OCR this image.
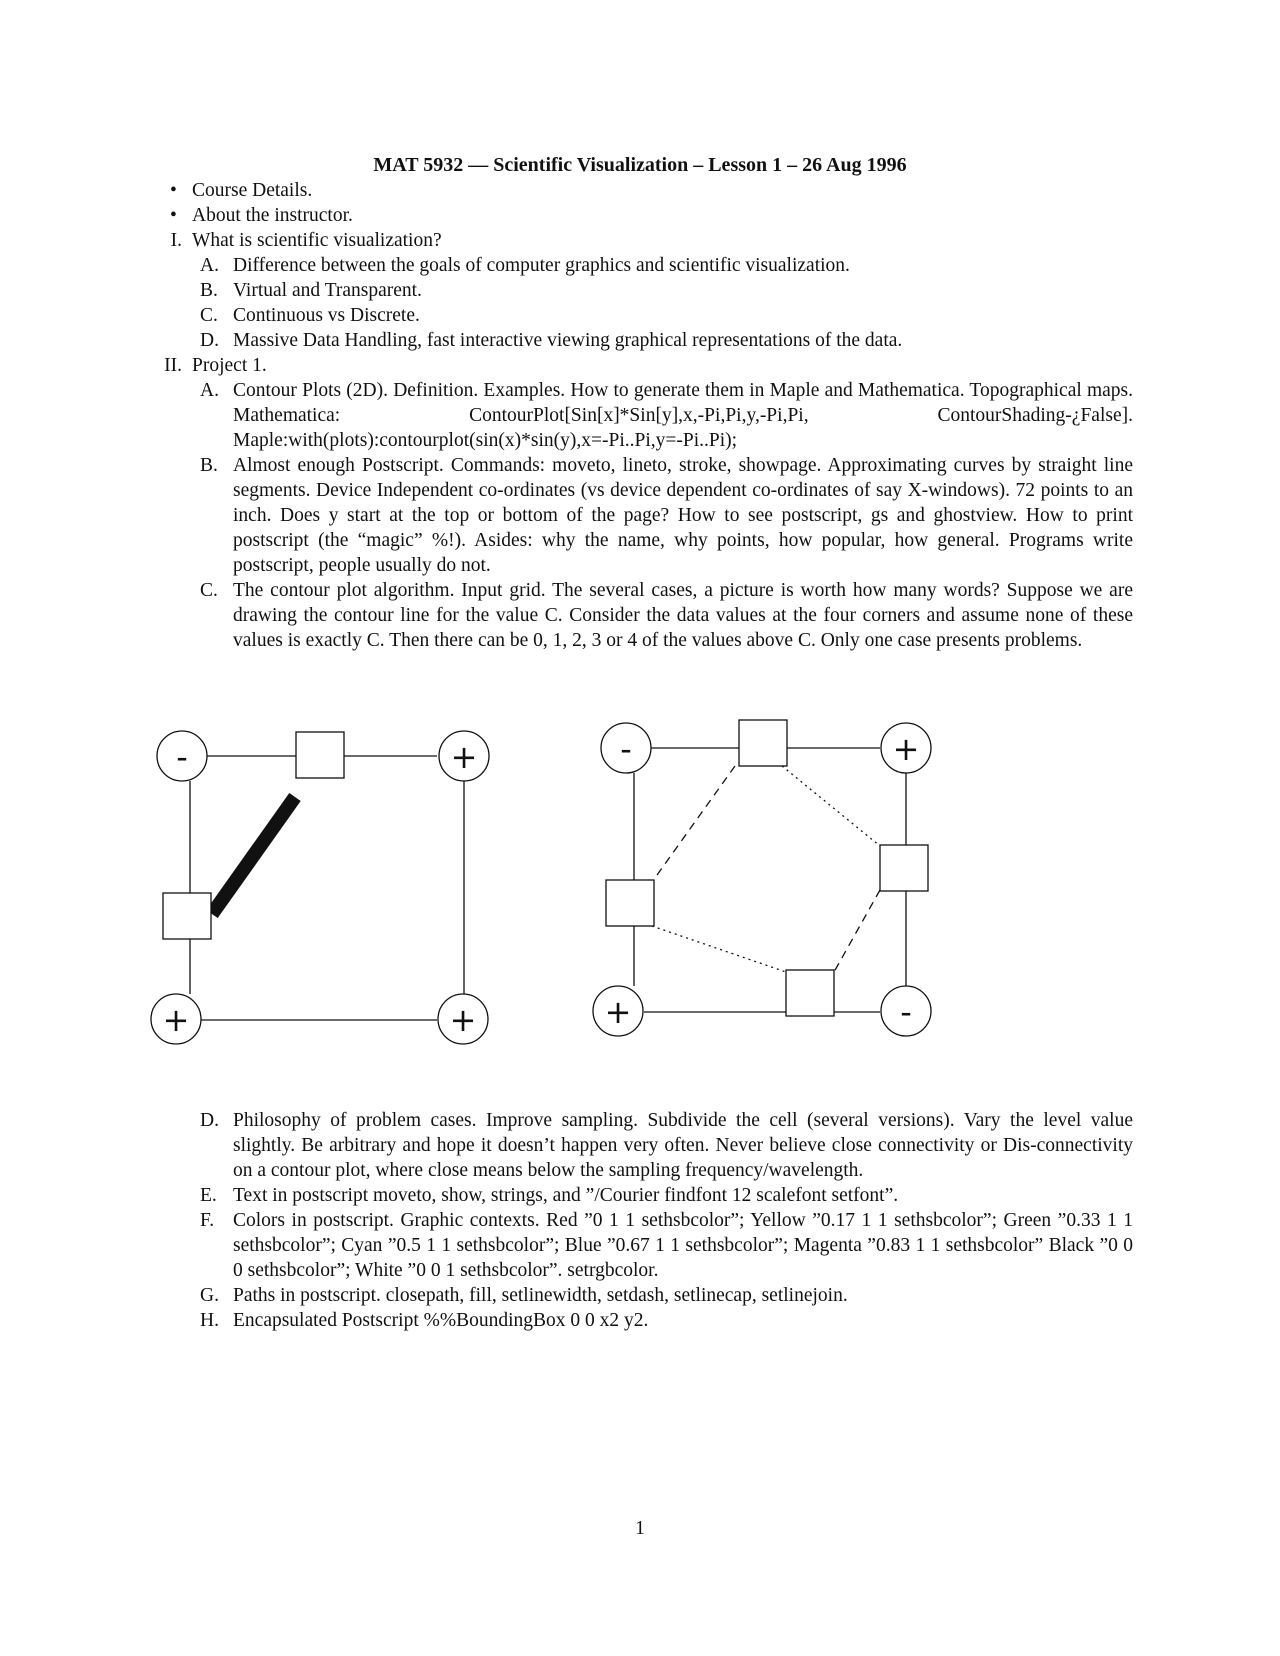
MAT 5932 — Scientific Visualization – Lesson 1 – 26 Aug 1996
• Course Details.
• About the instructor.
I. What is scientific visualization?
A. Difference between the goals of computer graphics and scientific visualization.
B. Virtual and Transparent.
C. Continuous vs Discrete.
D. Massive Data Handling, fast interactive viewing graphical representations of the data.
II. Project 1.
A. Contour Plots (2D). Definition. Examples. How to generate them in Maple and Mathematica. Topographical maps. Mathematica: ContourPlot[Sin[x]*Sin[y],x,-Pi,Pi,y,-Pi,Pi, ContourShading-¿False]. Maple:with(plots):contourplot(sin(x)*sin(y),x=-Pi..Pi,y=-Pi..Pi);
B. Almost enough Postscript. Commands: moveto, lineto, stroke, showpage. Approximating curves by straight line segments. Device Independent co-ordinates (vs device dependent co-ordinates of say X-windows). 72 points to an inch. Does y start at the top or bottom of the page? How to see postscript, gs and ghostview. How to print postscript (the “magic” %!). Asides: why the name, why points, how popular, how general. Programs write postscript, people usually do not.
C. The contour plot algorithm. Input grid. The several cases, a picture is worth how many words? Suppose we are drawing the contour line for the value C. Consider the data values at the four corners and assume none of these values is exactly C. Then there can be 0, 1, 2, 3 or 4 of the values above C. Only one case presents problems.
-	+
+	+
-	+
+	-
D. Philosophy of problem cases. Improve sampling. Subdivide the cell (several versions). Vary the level value slightly. Be arbitrary and hope it doesn’t happen very often. Never believe close connectivity or Dis-connectivity on a contour plot, where close means below the sampling frequency/wavelength.
E. Text in postscript moveto, show, strings, and ”/Courier findfont 12 scalefont setfont”.
F. Colors in postscript. Graphic contexts. Red ”0 1 1 sethsbcolor”; Yellow ”0.17 1 1 sethsbcolor”; Green ”0.33 1 1 sethsbcolor”; Cyan ”0.5 1 1 sethsbcolor”; Blue ”0.67 1 1 sethsbcolor”; Magenta ”0.83 1 1 sethsbcolor” Black ”0 0 0 sethsbcolor”; White ”0 0 1 sethsbcolor”. setrgbcolor.
G. Paths in postscript. closepath, fill, setlinewidth, setdash, setlinecap, setlinejoin.
H. Encapsulated Postscript %%BoundingBox 0 0 x2 y2.
1
